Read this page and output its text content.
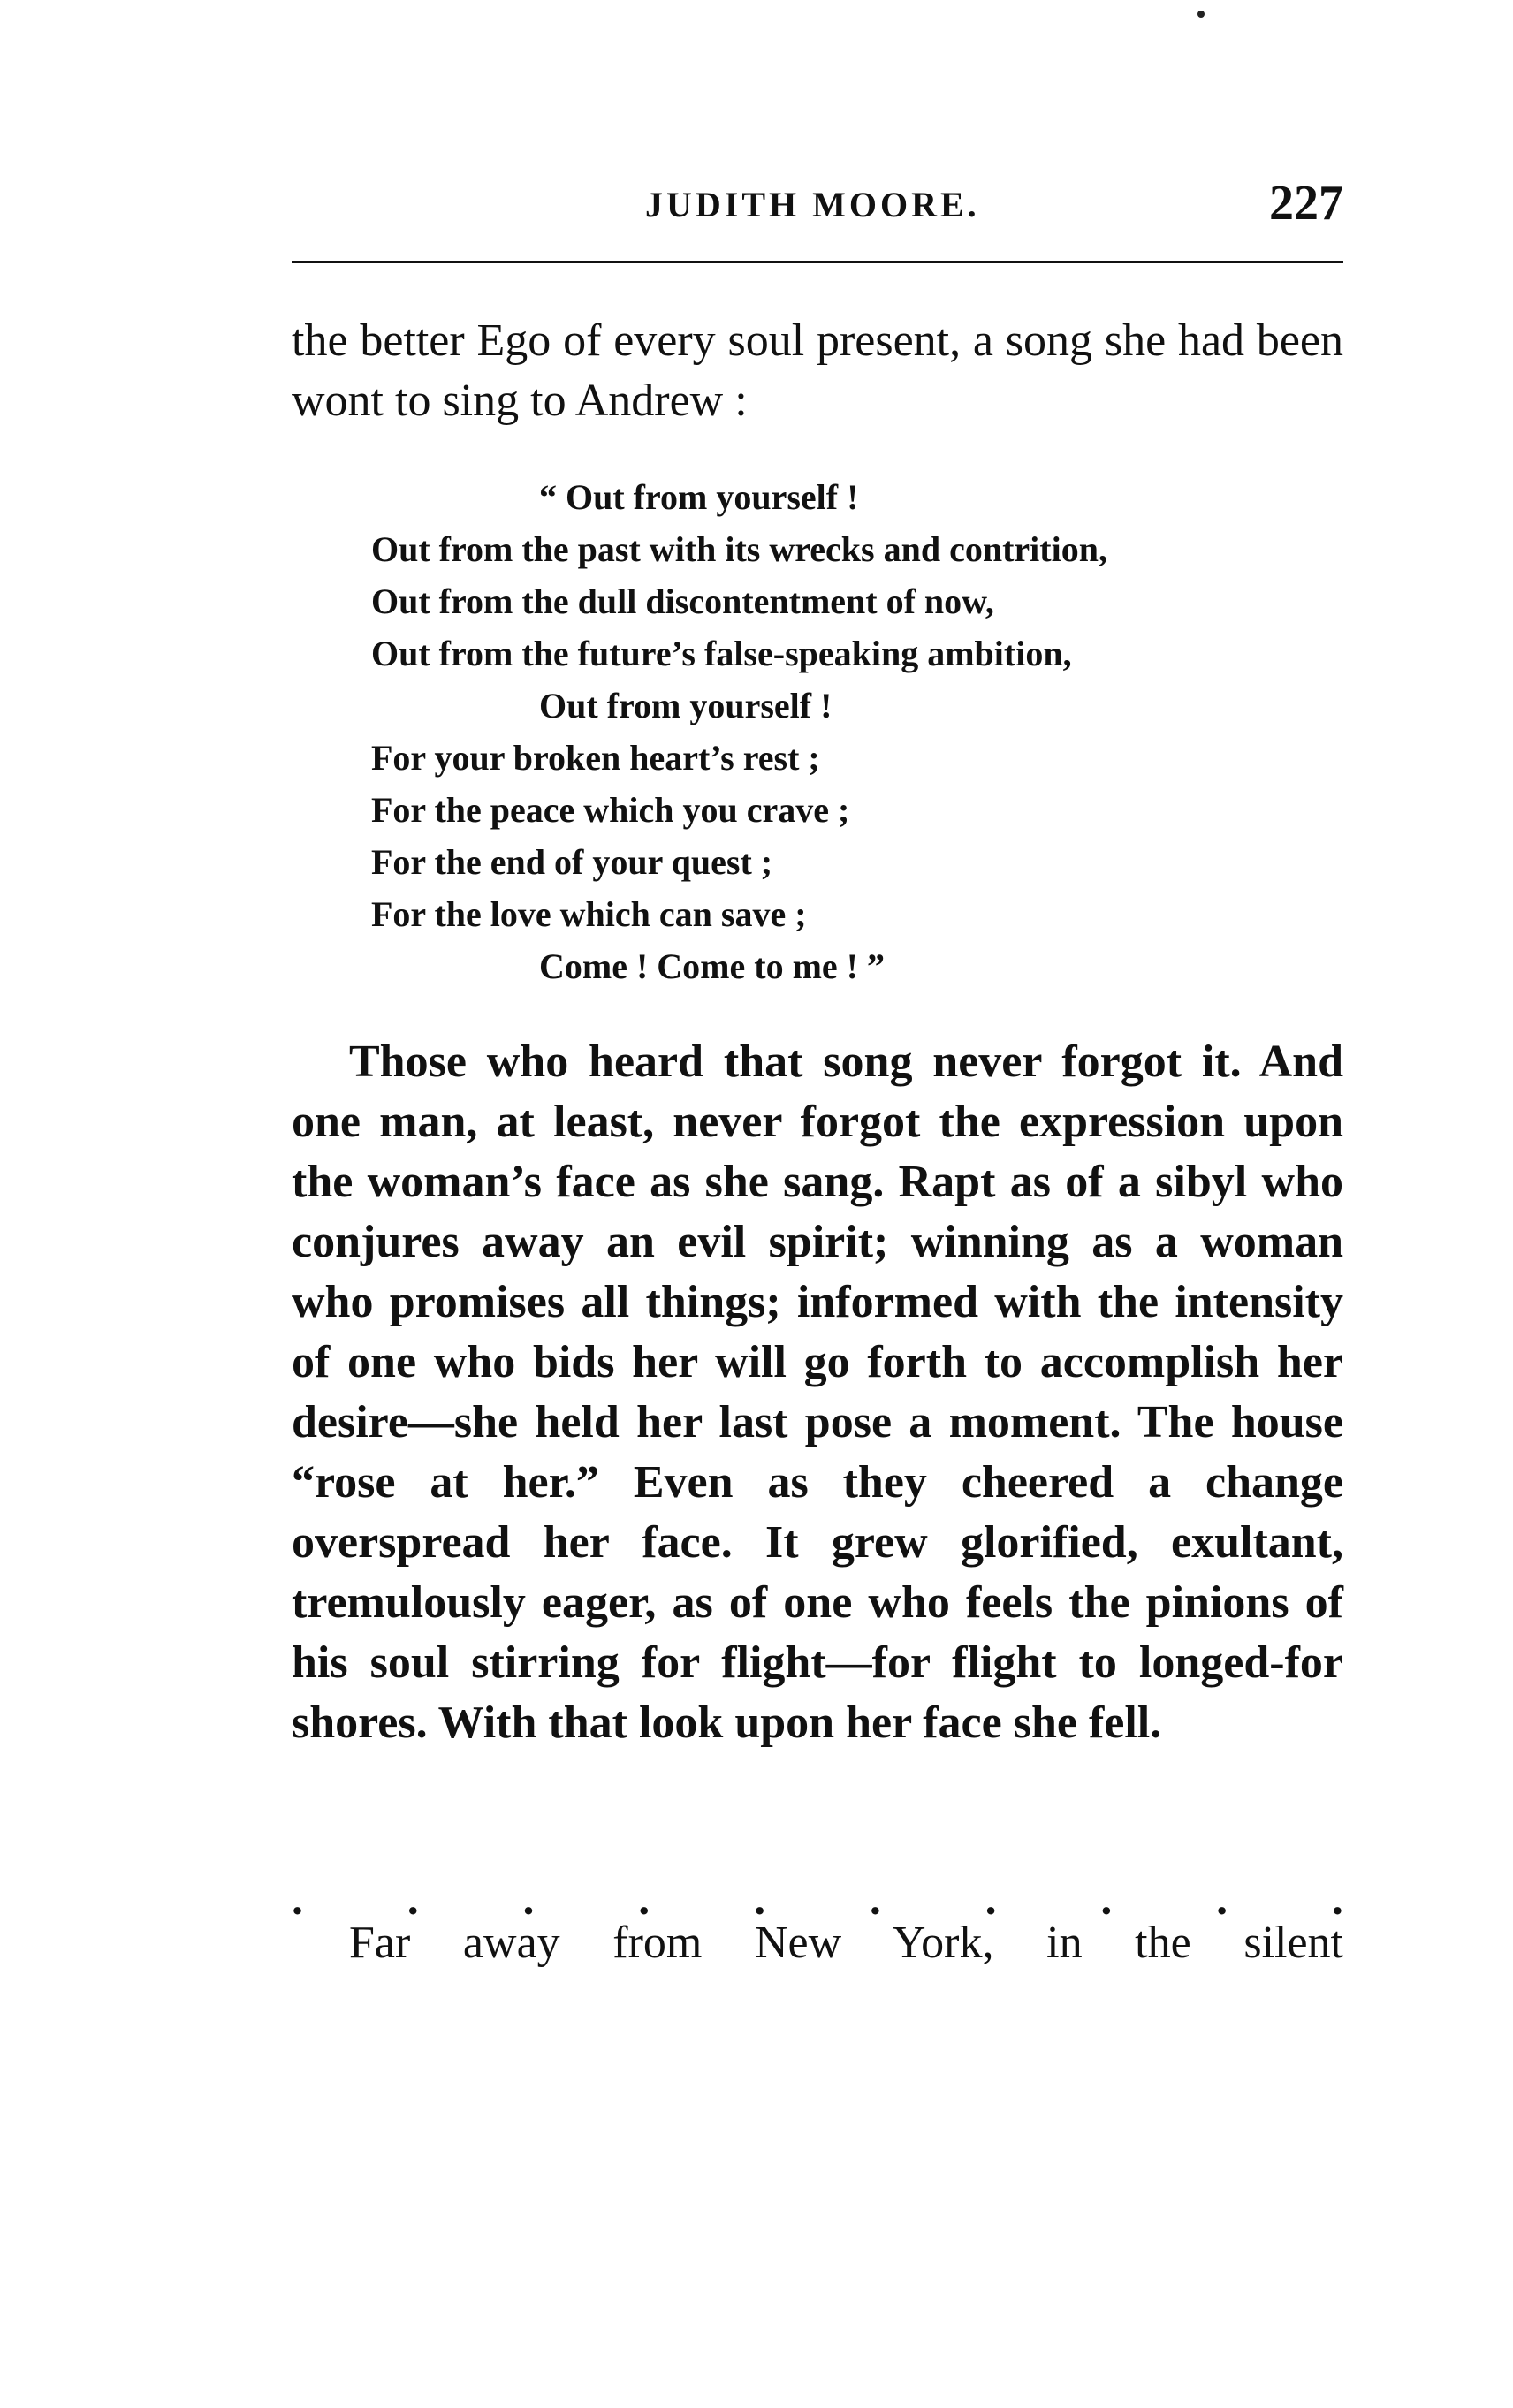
JUDITH MOORE.	227

the better Ego of every soul present, a song she had been wont to sing to Andrew :

“ Out from yourself !
Out from the past with its wrecks and contrition,
Out from the dull discontentment of now,
Out from the future’s false-speaking ambition,
Out from yourself !
For your broken heart’s rest ;
For the peace which you crave ;
For the end of your quest ;
For the love which can save ;
Come ! Come to me ! ”

Those who heard that song never forgot it. And one man, at least, never forgot the expression upon the woman’s face as she sang. Rapt as of a sibyl who conjures away an evil spirit; winning as a woman who promises all things; informed with the intensity of one who bids her will go forth to accomplish her desire—she held her last pose a moment. The house “rose at her.” Even as they cheered a change overspread her face. It grew glorified, exultant, tremulously eager, as of one who feels the pinions of his soul stirring for flight—for flight to longed-for shores. With that look upon her face she fell.

. . . . . . . . . .

Far away from New York, in the silent
